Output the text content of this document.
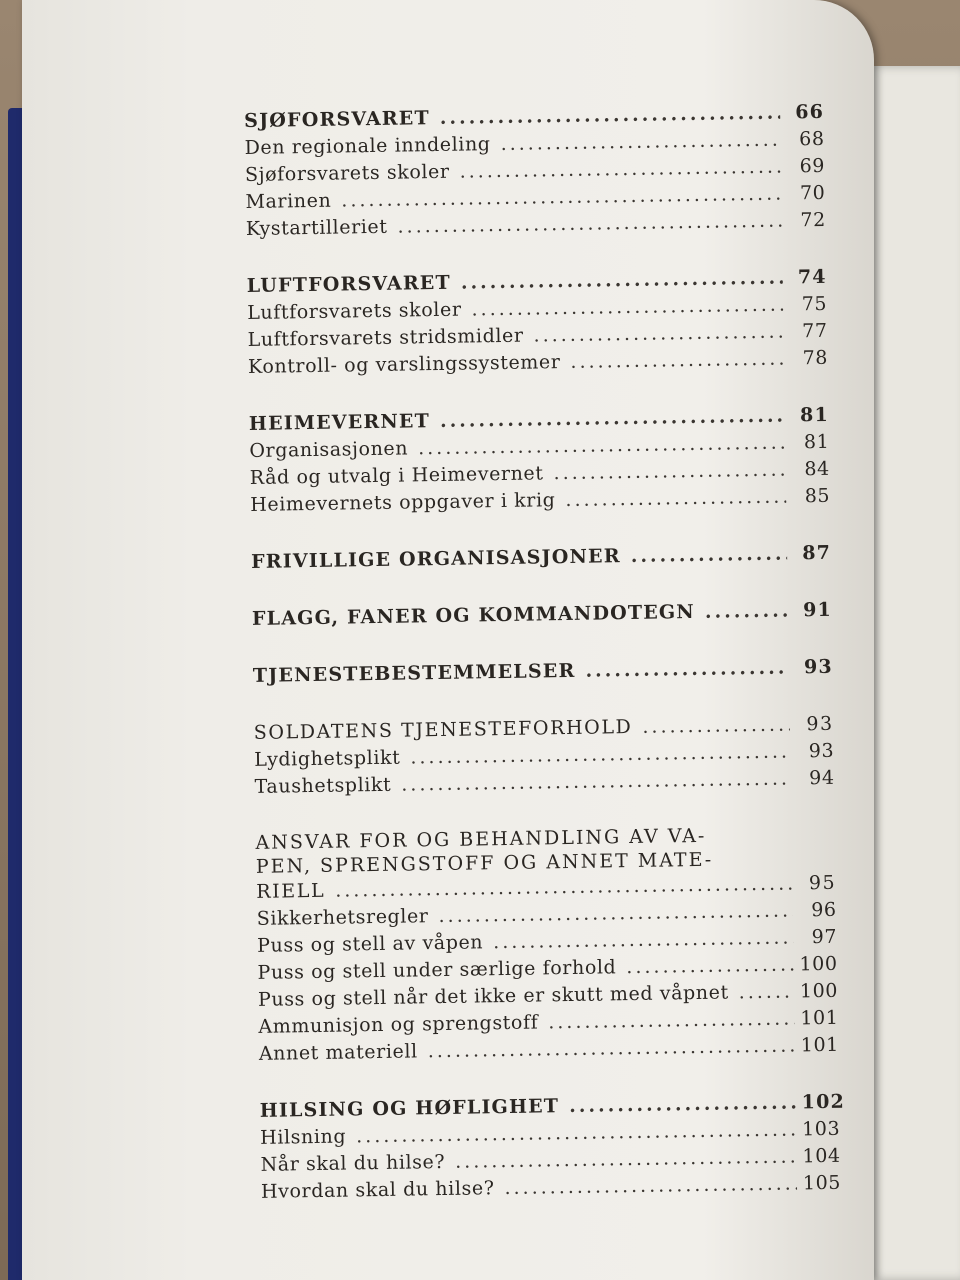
SJØFORSVARET .....	66
Den regionale inndeling .....	68
Sjøforsvarets skoler .....	69
Marinen .....	70
Kystartilleriet .....	72
LUFTFORSVARET .....	74
Luftforsvarets skoler .....	75
Luftforsvarets stridsmidler .....	77
Kontroll- og varslingssystemer .....	78
HEIMEVERNET .....	81
Organisasjonen .....	81
Råd og utvalg i Heimevernet .....	84
Heimevernets oppgaver i krig .....	85
FRIVILLIGE ORGANISASJONER .....	87
FLAGG, FANER OG KOMMANDOTEGN .....	91
TJENESTEBESTEMMELSER .....	93
SOLDATENS TJENESTEFORHOLD .....	93
Lydighetsplikt .....	93
Taushetsplikt .....	94
ANSVAR FOR OG BEHANDLING AV VA-
PEN, SPRENGSTOFF OG ANNET MATE-
RIELL .....	95
Sikkerhetsregler .....	96
Puss og stell av våpen .....	97
Puss og stell under særlige forhold .....	100
Puss og stell når det ikke er skutt med våpnet .....	100
Ammunisjon og sprengstoff .....	101
Annet materiell .....	101
HILSING OG HØFLIGHET .....	102
Hilsning .....	103
Når skal du hilse? .....	104
Hvordan skal du hilse? .....	105
